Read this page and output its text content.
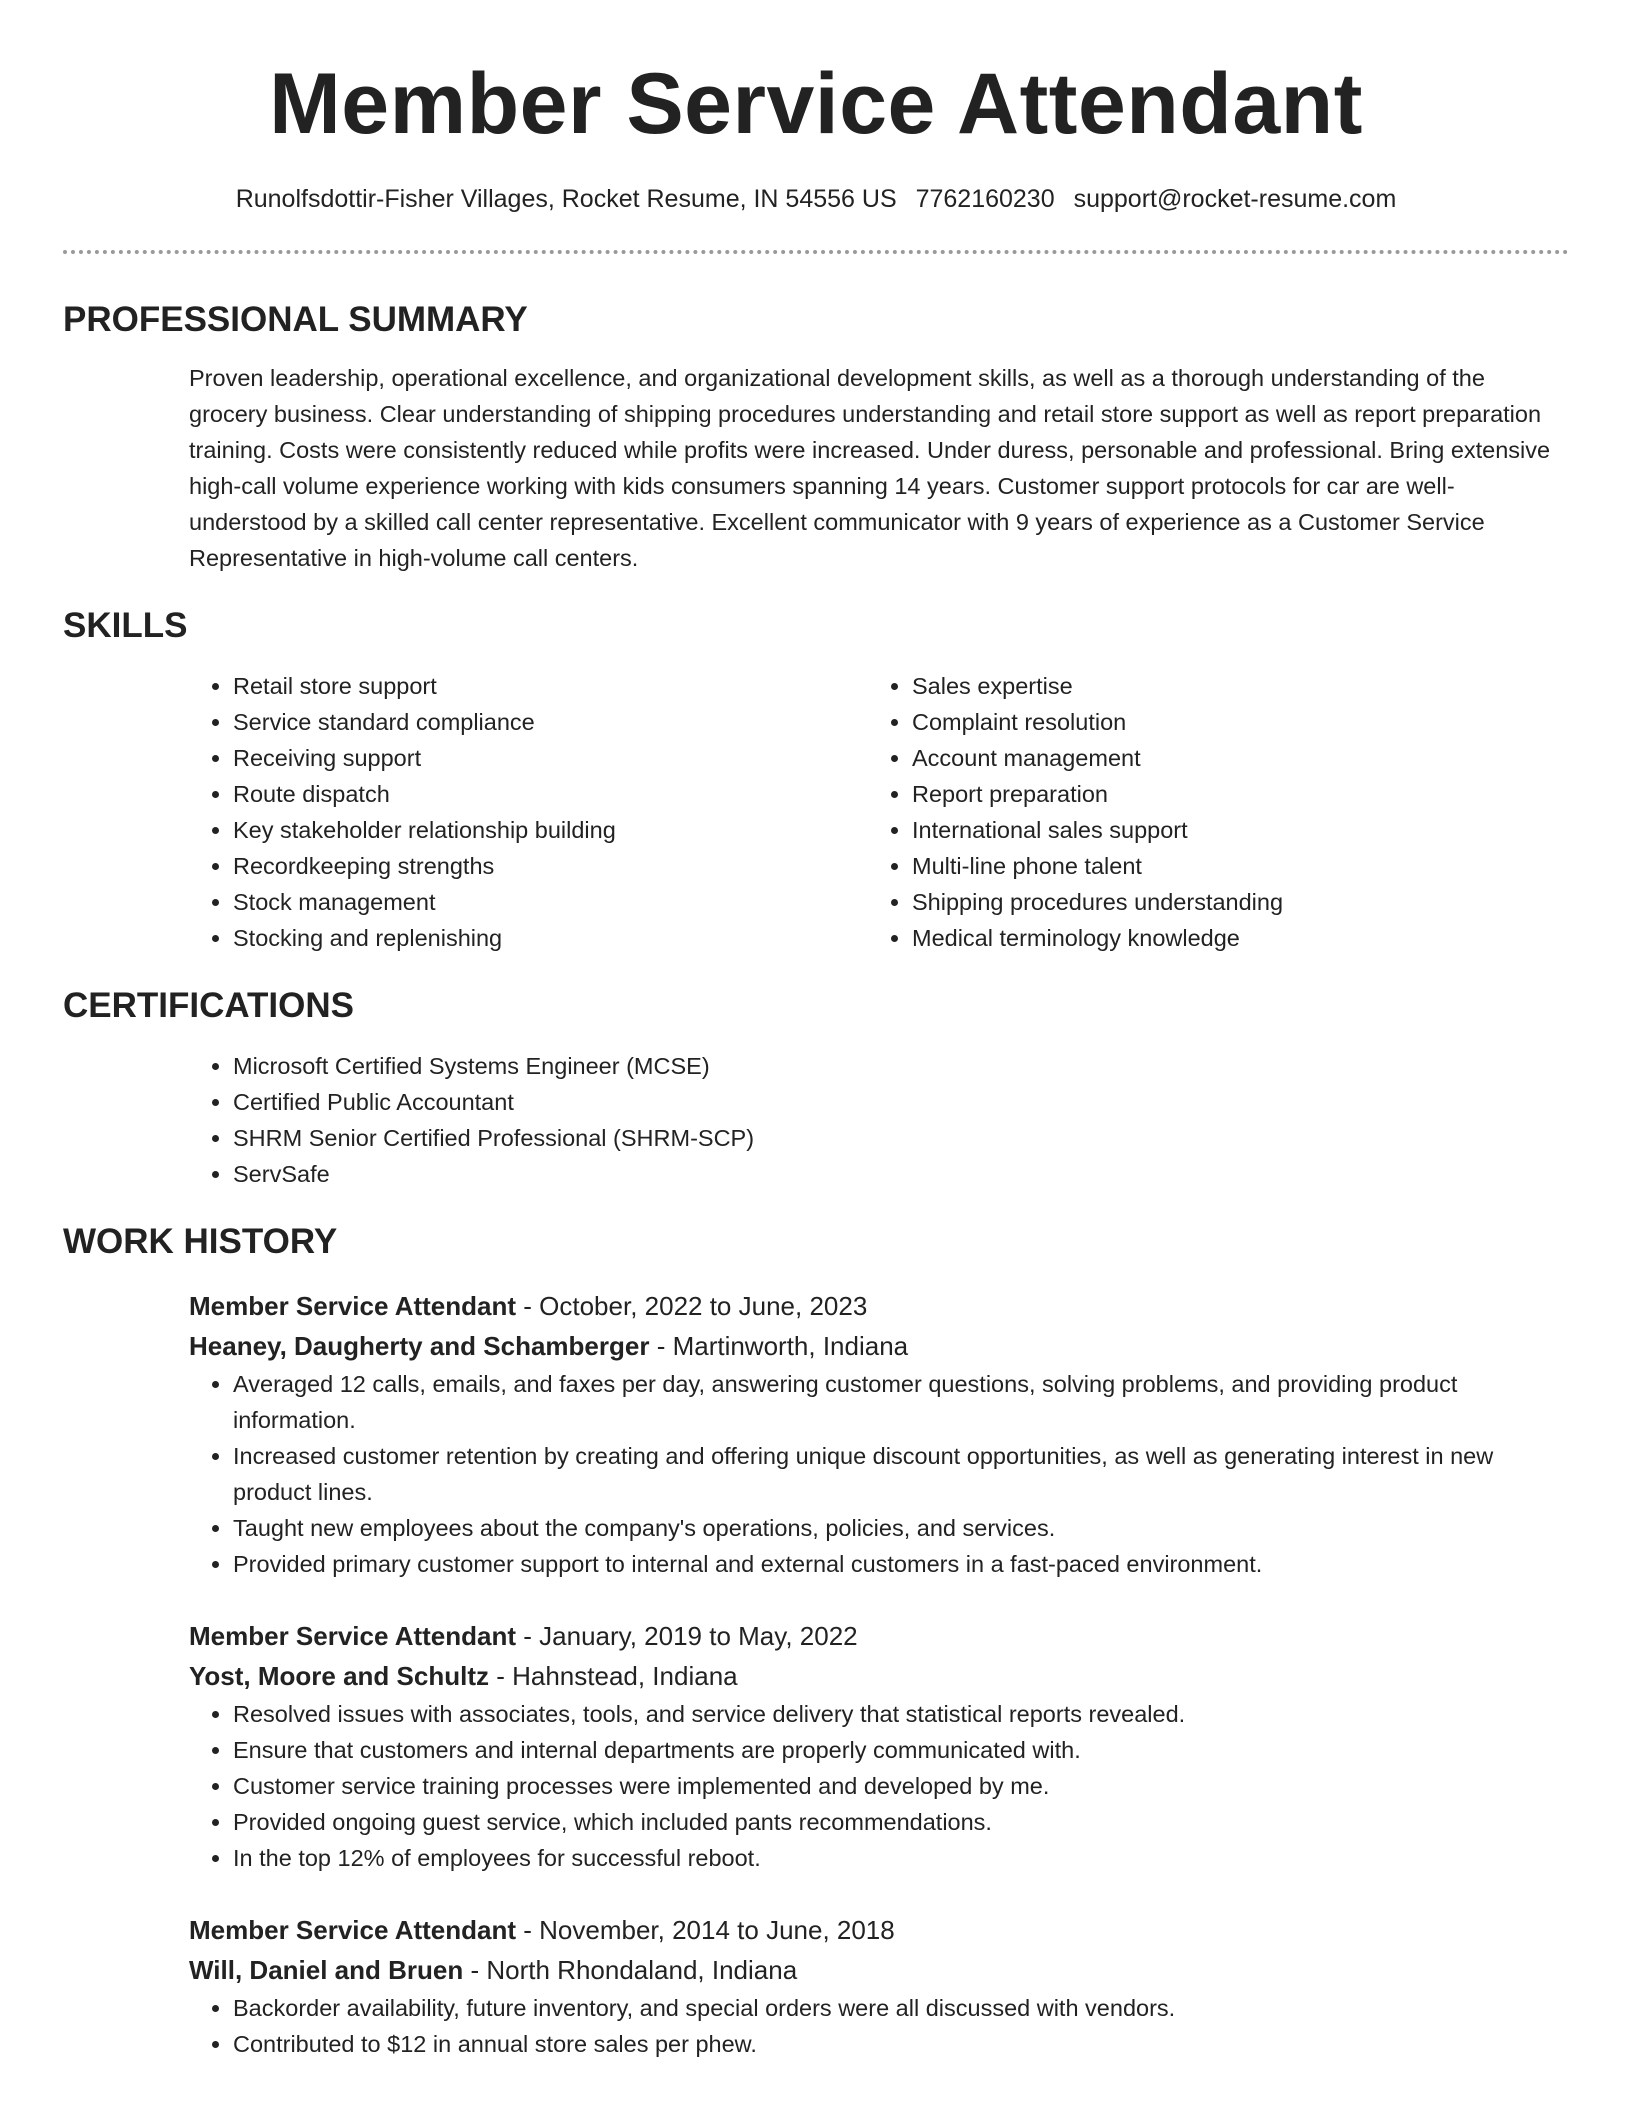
Member Service Attendant
Runolfsdottir-Fisher Villages, Rocket Resume, IN 54556 US 7762160230 support@rocket-resume.com
PROFESSIONAL SUMMARY
Proven leadership, operational excellence, and organizational development skills, as well as a thorough understanding of the grocery business. Clear understanding of shipping procedures understanding and retail store support as well as report preparation training. Costs were consistently reduced while profits were increased. Under duress, personable and professional. Bring extensive high-call volume experience working with kids consumers spanning 14 years. Customer support protocols for car are well-understood by a skilled call center representative. Excellent communicator with 9 years of experience as a Customer Service Representative in high-volume call centers.
SKILLS
• Retail store support
• Service standard compliance
• Receiving support
• Route dispatch
• Key stakeholder relationship building
• Recordkeeping strengths
• Stock management
• Stocking and replenishing
• Sales expertise
• Complaint resolution
• Account management
• Report preparation
• International sales support
• Multi-line phone talent
• Shipping procedures understanding
• Medical terminology knowledge
CERTIFICATIONS
• Microsoft Certified Systems Engineer (MCSE)
• Certified Public Accountant
• SHRM Senior Certified Professional (SHRM-SCP)
• ServSafe
WORK HISTORY
Member Service Attendant - October, 2022 to June, 2023
Heaney, Daugherty and Schamberger - Martinworth, Indiana
• Averaged 12 calls, emails, and faxes per day, answering customer questions, solving problems, and providing product information.
• Increased customer retention by creating and offering unique discount opportunities, as well as generating interest in new product lines.
• Taught new employees about the company's operations, policies, and services.
• Provided primary customer support to internal and external customers in a fast-paced environment.
Member Service Attendant - January, 2019 to May, 2022
Yost, Moore and Schultz - Hahnstead, Indiana
• Resolved issues with associates, tools, and service delivery that statistical reports revealed.
• Ensure that customers and internal departments are properly communicated with.
• Customer service training processes were implemented and developed by me.
• Provided ongoing guest service, which included pants recommendations.
• In the top 12% of employees for successful reboot.
Member Service Attendant - November, 2014 to June, 2018
Will, Daniel and Bruen - North Rhondaland, Indiana
• Backorder availability, future inventory, and special orders were all discussed with vendors.
• Contributed to $12 in annual store sales per phew.
